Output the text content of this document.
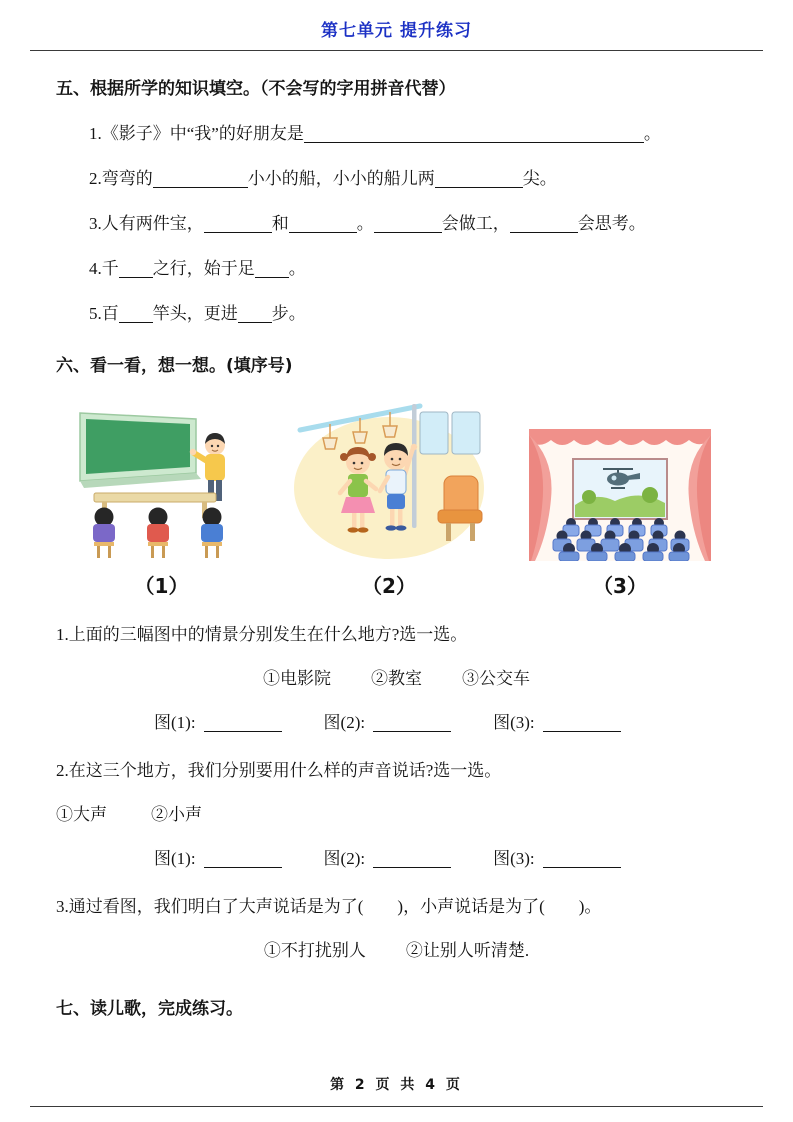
第七单元 提升练习
五、根据所学的知识填空。（不会写的字用拼音代替）
1.《影子》中“我”的好朋友是	。
2.弯弯的	小小的船，小小的船儿两	尖。
3.人有两件宝，	和	。	会做工，	会思考。
4.千 之行，始于足 。
5.百 竿头，更进 步。
六、看一看，想一想。(填序号)
（1）	（2）	（3）
1.上面的三幅图中的情景分别发生在什么地方?选一选。
①电影院 ②教室 ③公交车
图(1):	图(2):	图(3):
2.在这三个地方，我们分别要用什么样的声音说话?选一选。
①大声	②小声
图(1):	图(2):	图(3):
3.通过看图，我们明白了大声说话是为了(　　)，小声说话是为了(　　)。
①不打扰别人 ②让别人听清楚.
七、读儿歌，完成练习。
第 2 页 共 4 页
